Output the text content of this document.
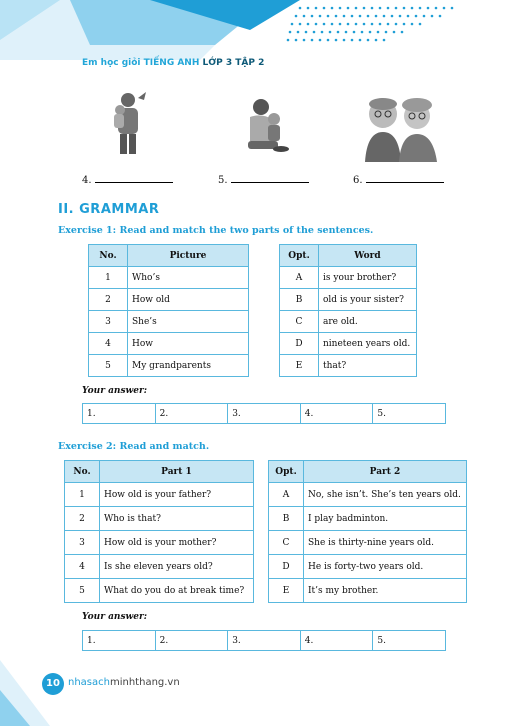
Em học giỏi TIẾNG ANH LỚP 3 TẬP 2
4.	5.	6.
II. GRAMMAR
Exercise 1: Read and match the two parts of the sentences.
No.	Picture
1	Who’s
2	How old
3	She’s
4	How
5	My grandparents
Opt.	Word
A	is your brother?
B	old is your sister?
C	are old.
D	nineteen years old.
E	that?
Your answer:
1.	2.	3.	4.	5.
Exercise 2: Read and match.
No.	Part 1
1	How old is your father?
2	Who is that?
3	How old is your mother?
4	Is she eleven years old?
5	What do you do at break time?
Opt.	Part 2
A	No, she isn’t. She’s ten years old.
B	I play badminton.
C	She is thirty-nine years old.
D	He is forty-two years old.
E	It’s my brother.
Your answer:
1.	2.	3.	4.	5.
10 nhasachminhthang.vn
